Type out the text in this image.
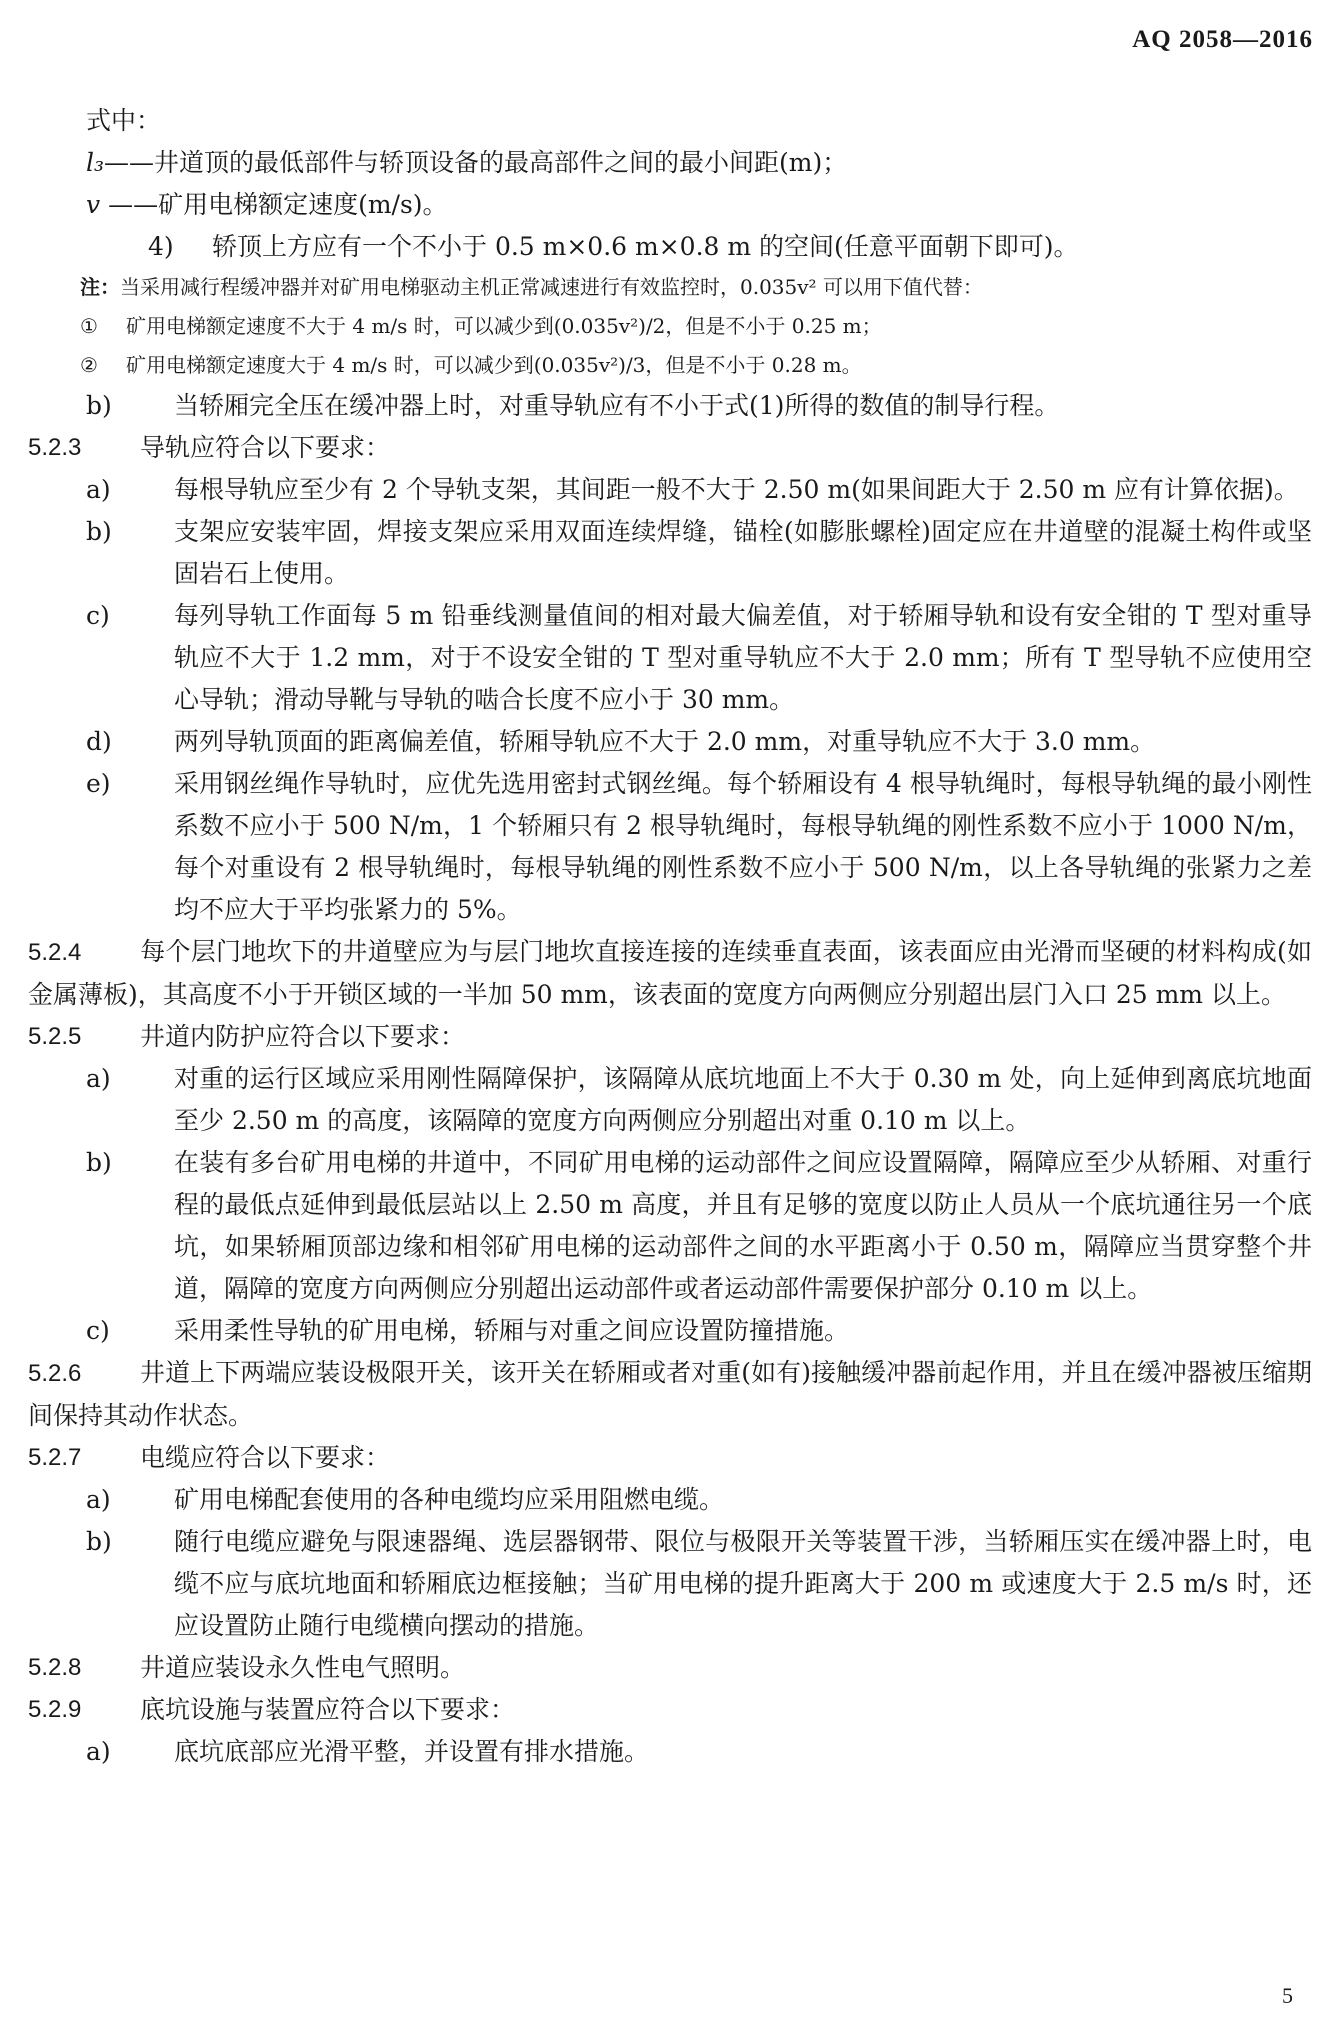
AQ 2058—2016
式中：
l₃——井道顶的最低部件与轿顶设备的最高部件之间的最小间距(m)；
v ——矿用电梯额定速度(m/s)。
4) 轿顶上方应有一个不小于 0.5 m×0.6 m×0.8 m 的空间(任意平面朝下即可)。
注：当采用减行程缓冲器并对矿用电梯驱动主机正常减速进行有效监控时，0.035v² 可以用下值代替：
① 矿用电梯额定速度不大于 4 m/s 时，可以减少到(0.035v²)/2，但是不小于 0.25 m；
② 矿用电梯额定速度大于 4 m/s 时，可以减少到(0.035v²)/3，但是不小于 0.28 m。
b)	当轿厢完全压在缓冲器上时，对重导轨应有不小于式(1)所得的数值的制导行程。
5.2.3	导轨应符合以下要求：
a)	每根导轨应至少有 2 个导轨支架，其间距一般不大于 2.50 m(如果间距大于 2.50 m 应有计算依据)。
b)	支架应安装牢固，焊接支架应采用双面连续焊缝，锚栓(如膨胀螺栓)固定应在井道壁的混凝土构件或坚固岩石上使用。
c)	每列导轨工作面每 5 m 铅垂线测量值间的相对最大偏差值，对于轿厢导轨和设有安全钳的 T 型对重导轨应不大于 1.2 mm，对于不设安全钳的 T 型对重导轨应不大于 2.0 mm；所有 T 型导轨不应使用空心导轨；滑动导靴与导轨的啮合长度不应小于 30 mm。
d)	两列导轨顶面的距离偏差值，轿厢导轨应不大于 2.0 mm，对重导轨应不大于 3.0 mm。
e)	采用钢丝绳作导轨时，应优先选用密封式钢丝绳。每个轿厢设有 4 根导轨绳时，每根导轨绳的最小刚性系数不应小于 500 N/m，1 个轿厢只有 2 根导轨绳时，每根导轨绳的刚性系数不应小于 1000 N/m，每个对重设有 2 根导轨绳时，每根导轨绳的刚性系数不应小于 500 N/m，以上各导轨绳的张紧力之差均不应大于平均张紧力的 5%。
5.2.4 每个层门地坎下的井道壁应为与层门地坎直接连接的连续垂直表面，该表面应由光滑而坚硬的材料构成(如金属薄板)，其高度不小于开锁区域的一半加 50 mm，该表面的宽度方向两侧应分别超出层门入口 25 mm 以上。
5.2.5	井道内防护应符合以下要求：
a)	对重的运行区域应采用刚性隔障保护，该隔障从底坑地面上不大于 0.30 m 处，向上延伸到离底坑地面至少 2.50 m 的高度，该隔障的宽度方向两侧应分别超出对重 0.10 m 以上。
b)	在装有多台矿用电梯的井道中，不同矿用电梯的运动部件之间应设置隔障，隔障应至少从轿厢、对重行程的最低点延伸到最低层站以上 2.50 m 高度，并且有足够的宽度以防止人员从一个底坑通往另一个底坑，如果轿厢顶部边缘和相邻矿用电梯的运动部件之间的水平距离小于 0.50 m，隔障应当贯穿整个井道，隔障的宽度方向两侧应分别超出运动部件或者运动部件需要保护部分 0.10 m 以上。
c)	采用柔性导轨的矿用电梯，轿厢与对重之间应设置防撞措施。
5.2.6 井道上下两端应装设极限开关，该开关在轿厢或者对重(如有)接触缓冲器前起作用，并且在缓冲器被压缩期间保持其动作状态。
5.2.7	电缆应符合以下要求：
a)	矿用电梯配套使用的各种电缆均应采用阻燃电缆。
b)	随行电缆应避免与限速器绳、选层器钢带、限位与极限开关等装置干涉，当轿厢压实在缓冲器上时，电缆不应与底坑地面和轿厢底边框接触；当矿用电梯的提升距离大于 200 m 或速度大于 2.5 m/s 时，还应设置防止随行电缆横向摆动的措施。
5.2.8	井道应装设永久性电气照明。
5.2.9	底坑设施与装置应符合以下要求：
a)	底坑底部应光滑平整，并设置有排水措施。
5
